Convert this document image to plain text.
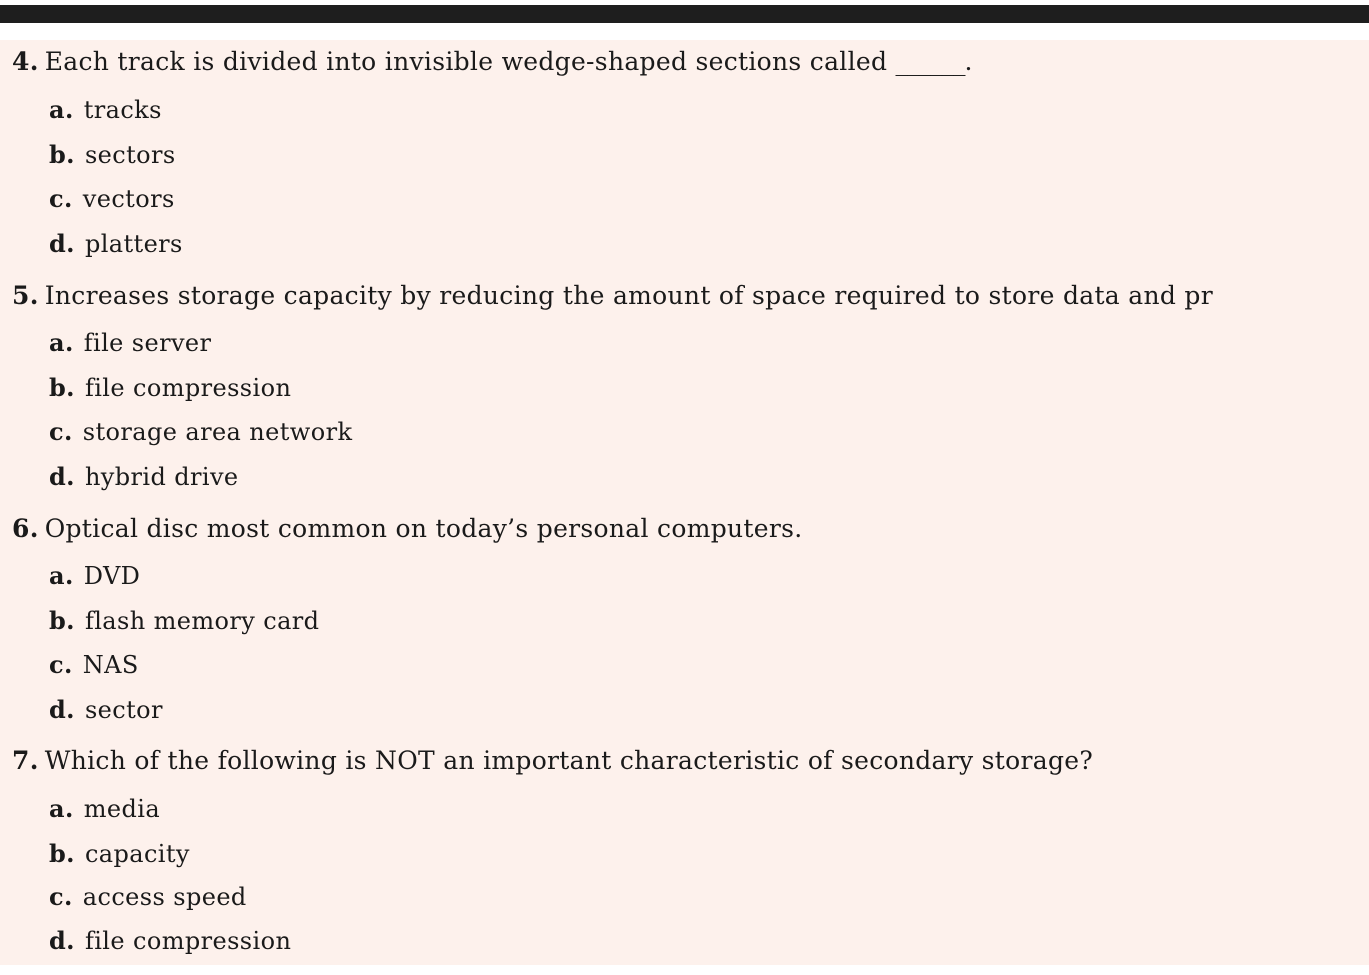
4. Each track is divided into invisible wedge-shaped sections called ______.
a. tracks
b. sectors
c. vectors
d. platters
5. Increases storage capacity by reducing the amount of space required to store data and pr
a. file server
b. file compression
c. storage area network
d. hybrid drive
6. Optical disc most common on today’s personal computers.
a. DVD
b. flash memory card
c. NAS
d. sector
7. Which of the following is NOT an important characteristic of secondary storage?
a. media
b. capacity
c. access speed
d. file compression
